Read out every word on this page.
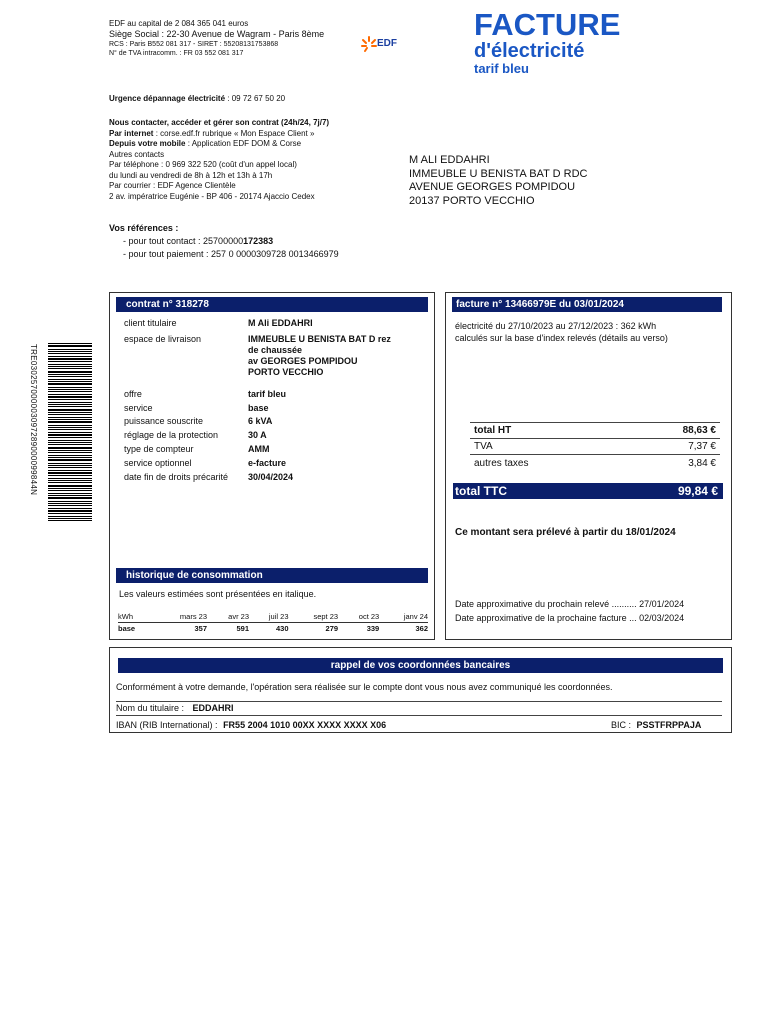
EDF au capital de 2 084 365 041 euros
Siège Social : 22-30 Avenue de Wagram - Paris 8ème
RCS : Paris B552 081 317 - SIRET : 55208131753868
N° de TVA intracomm. : FR 03 552 081 317
EDF
FACTURE
d'électricité
tarif bleu
Urgence dépannage électricité : 09 72 67 50 20
Nous contacter, accéder et gérer son contrat (24h/24, 7j/7)
Par internet : corse.edf.fr rubrique « Mon Espace Client »
Depuis votre mobile : Application EDF DOM & Corse
Autres contacts
Par téléphone : 0 969 322 520 (coût d'un appel local)
du lundi au vendredi de 8h à 12h et 13h à 17h
Par courrier : EDF Agence Clientèle
2 av. impératrice Eugénie - BP 406 - 20174 Ajaccio Cedex
Vos références :
- pour tout contact : 25700000172383
- pour tout paiement : 257 0 0000309728 0013466979
M ALI EDDAHRI
IMMEUBLE U BENISTA BAT D RDC
AVENUE GEORGES POMPIDOU
20137 PORTO VECCHIO
TRE030257000003097289000099844N
contrat n° 318278
client titulaire	M Ali EDDAHRI
espace de livraison	IMMEUBLE U BENISTA BAT D rez
de chaussée
av GEORGES POMPIDOU
PORTO VECCHIO
offre	tarif bleu
service	base
puissance souscrite	6 kVA
réglage de la protection	30 A
type de compteur	AMM
service optionnel	e-facture
date fin de droits précarité	30/04/2024
historique de consommation
Les valeurs estimées sont présentées en italique.
kWh	mars 23	avr 23	juil 23	sept 23	oct 23	janv 24
base	357	591	430	279	339	362
facture n° 13466979E du 03/01/2024
électricité du 27/10/2023 au 27/12/2023 : 362 kWh
calculés sur la base d'index relevés (détails au verso)
total HT	88,63 €
TVA	7,37 €
autres taxes	3,84 €
total TTC	99,84 €
Ce montant sera prélevé à partir du 18/01/2024
Date approximative du prochain relevé .......... 27/01/2024
Date approximative de la prochaine facture ... 02/03/2024
rappel de vos coordonnées bancaires
Conformément à votre demande, l'opération sera réalisée sur le compte dont vous nous avez communiqué les coordonnées.
Nom du titulaire : EDDAHRI
IBAN (RIB International) : FR55 2004 1010 00XX XXXX XXXX X06	BIC : PSSTFRPPAJA
